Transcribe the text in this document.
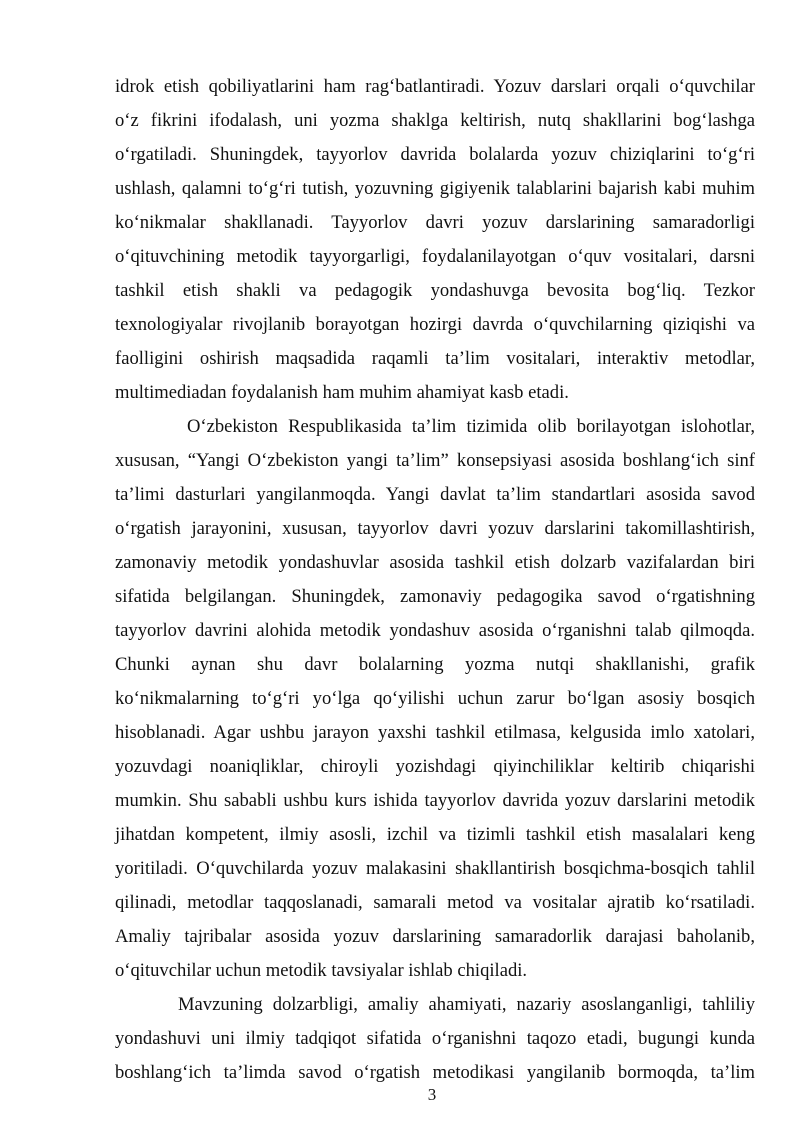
idrok etish qobiliyatlarini ham rag‘batlantiradi. Yozuv darslari orqali o‘quvchilar
o‘z fikrini ifodalash, uni yozma shaklga keltirish, nutq shakllarini bog‘lashga
o‘rgatiladi. Shuningdek, tayyorlov davrida bolalarda yozuv chiziqlarini to‘g‘ri
ushlash, qalamni to‘g‘ri tutish, yozuvning gigiyenik talablarini bajarish kabi muhim
ko‘nikmalar shakllanadi. Tayyorlov davri yozuv darslarining samaradorligi
o‘qituvchining metodik tayyorgarligi, foydalanilayotgan o‘quv vositalari, darsni
tashkil etish shakli va pedagogik yondashuvga bevosita bog‘liq. Tezkor
texnologiyalar rivojlanib borayotgan hozirgi davrda o‘quvchilarning qiziqishi va
faolligini oshirish maqsadida raqamli ta’lim vositalari, interaktiv metodlar,
multimediadan foydalanish ham muhim ahamiyat kasb etadi.
O‘zbekiston Respublikasida ta’lim tizimida olib borilayotgan islohotlar,
xususan, “Yangi O‘zbekiston yangi ta’lim” konsepsiyasi asosida boshlang‘ich sinf
ta’limi dasturlari yangilanmoqda. Yangi davlat ta’lim standartlari asosida savod
o‘rgatish jarayonini, xususan, tayyorlov davri yozuv darslarini takomillashtirish,
zamonaviy metodik yondashuvlar asosida tashkil etish dolzarb vazifalardan biri
sifatida belgilangan. Shuningdek, zamonaviy pedagogika savod o‘rgatishning
tayyorlov davrini alohida metodik yondashuv asosida o‘rganishni talab qilmoqda.
Chunki aynan shu davr bolalarning yozma nutqi shakllanishi, grafik
ko‘nikmalarning to‘g‘ri yo‘lga qo‘yilishi uchun zarur bo‘lgan asosiy bosqich
hisoblanadi. Agar ushbu jarayon yaxshi tashkil etilmasa, kelgusida imlo xatolari,
yozuvdagi noaniqliklar, chiroyli yozishdagi qiyinchiliklar keltirib chiqarishi
mumkin. Shu sababli ushbu kurs ishida tayyorlov davrida yozuv darslarini metodik
jihatdan kompetent, ilmiy asosli, izchil va tizimli tashkil etish masalalari keng
yoritiladi. O‘quvchilarda yozuv malakasini shakllantirish bosqichma-bosqich tahlil
qilinadi, metodlar taqqoslanadi, samarali metod va vositalar ajratib ko‘rsatiladi.
Amaliy tajribalar asosida yozuv darslarining samaradorlik darajasi baholanib,
o‘qituvchilar uchun metodik tavsiyalar ishlab chiqiladi.
Mavzuning dolzarbligi, amaliy ahamiyati, nazariy asoslanganligi, tahliliy
yondashuvi uni ilmiy tadqiqot sifatida o‘rganishni taqozo etadi, bugungi kunda
boshlang‘ich ta’limda savod o‘rgatish metodikasi yangilanib bormoqda, ta’lim
3
